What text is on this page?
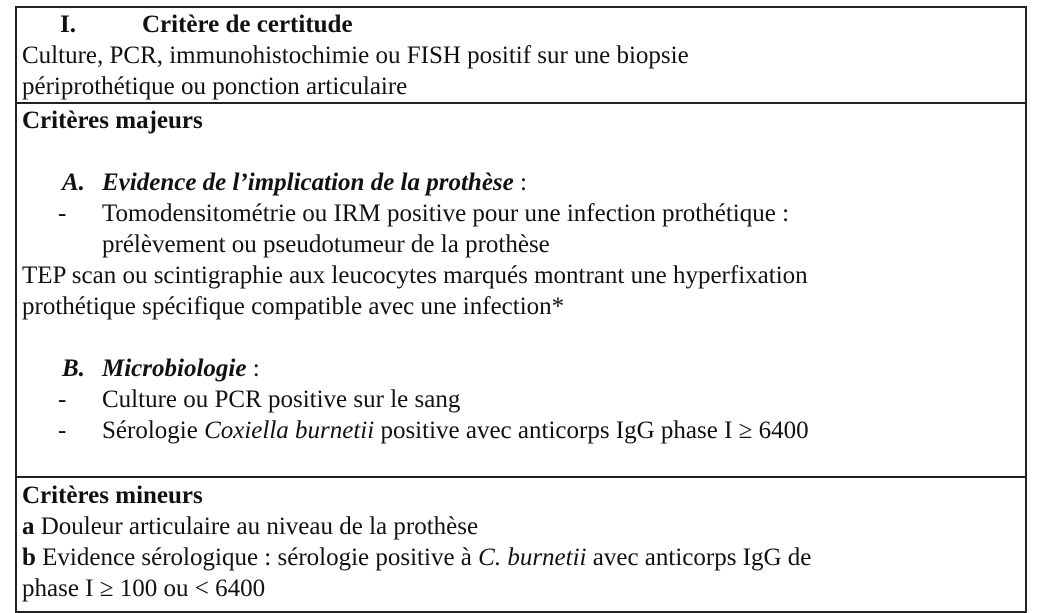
I.	Critère de certitude
Culture, PCR, immunohistochimie ou FISH positif sur une biopsie
périprothétique ou ponction articulaire
Critères majeurs
A. Evidence de l’implication de la prothèse :
- Tomodensitométrie ou IRM positive pour une infection prothétique :
prélèvement ou pseudotumeur de la prothèse
TEP scan ou scintigraphie aux leucocytes marqués montrant une hyperfixation
prothétique spécifique compatible avec une infection*
B. Microbiologie :
- Culture ou PCR positive sur le sang
- Sérologie Coxiella burnetii positive avec anticorps IgG phase I ≥ 6400
Critères mineurs
a Douleur articulaire au niveau de la prothèse
b Evidence sérologique : sérologie positive à C. burnetii avec anticorps IgG de
phase I ≥ 100 ou < 6400
